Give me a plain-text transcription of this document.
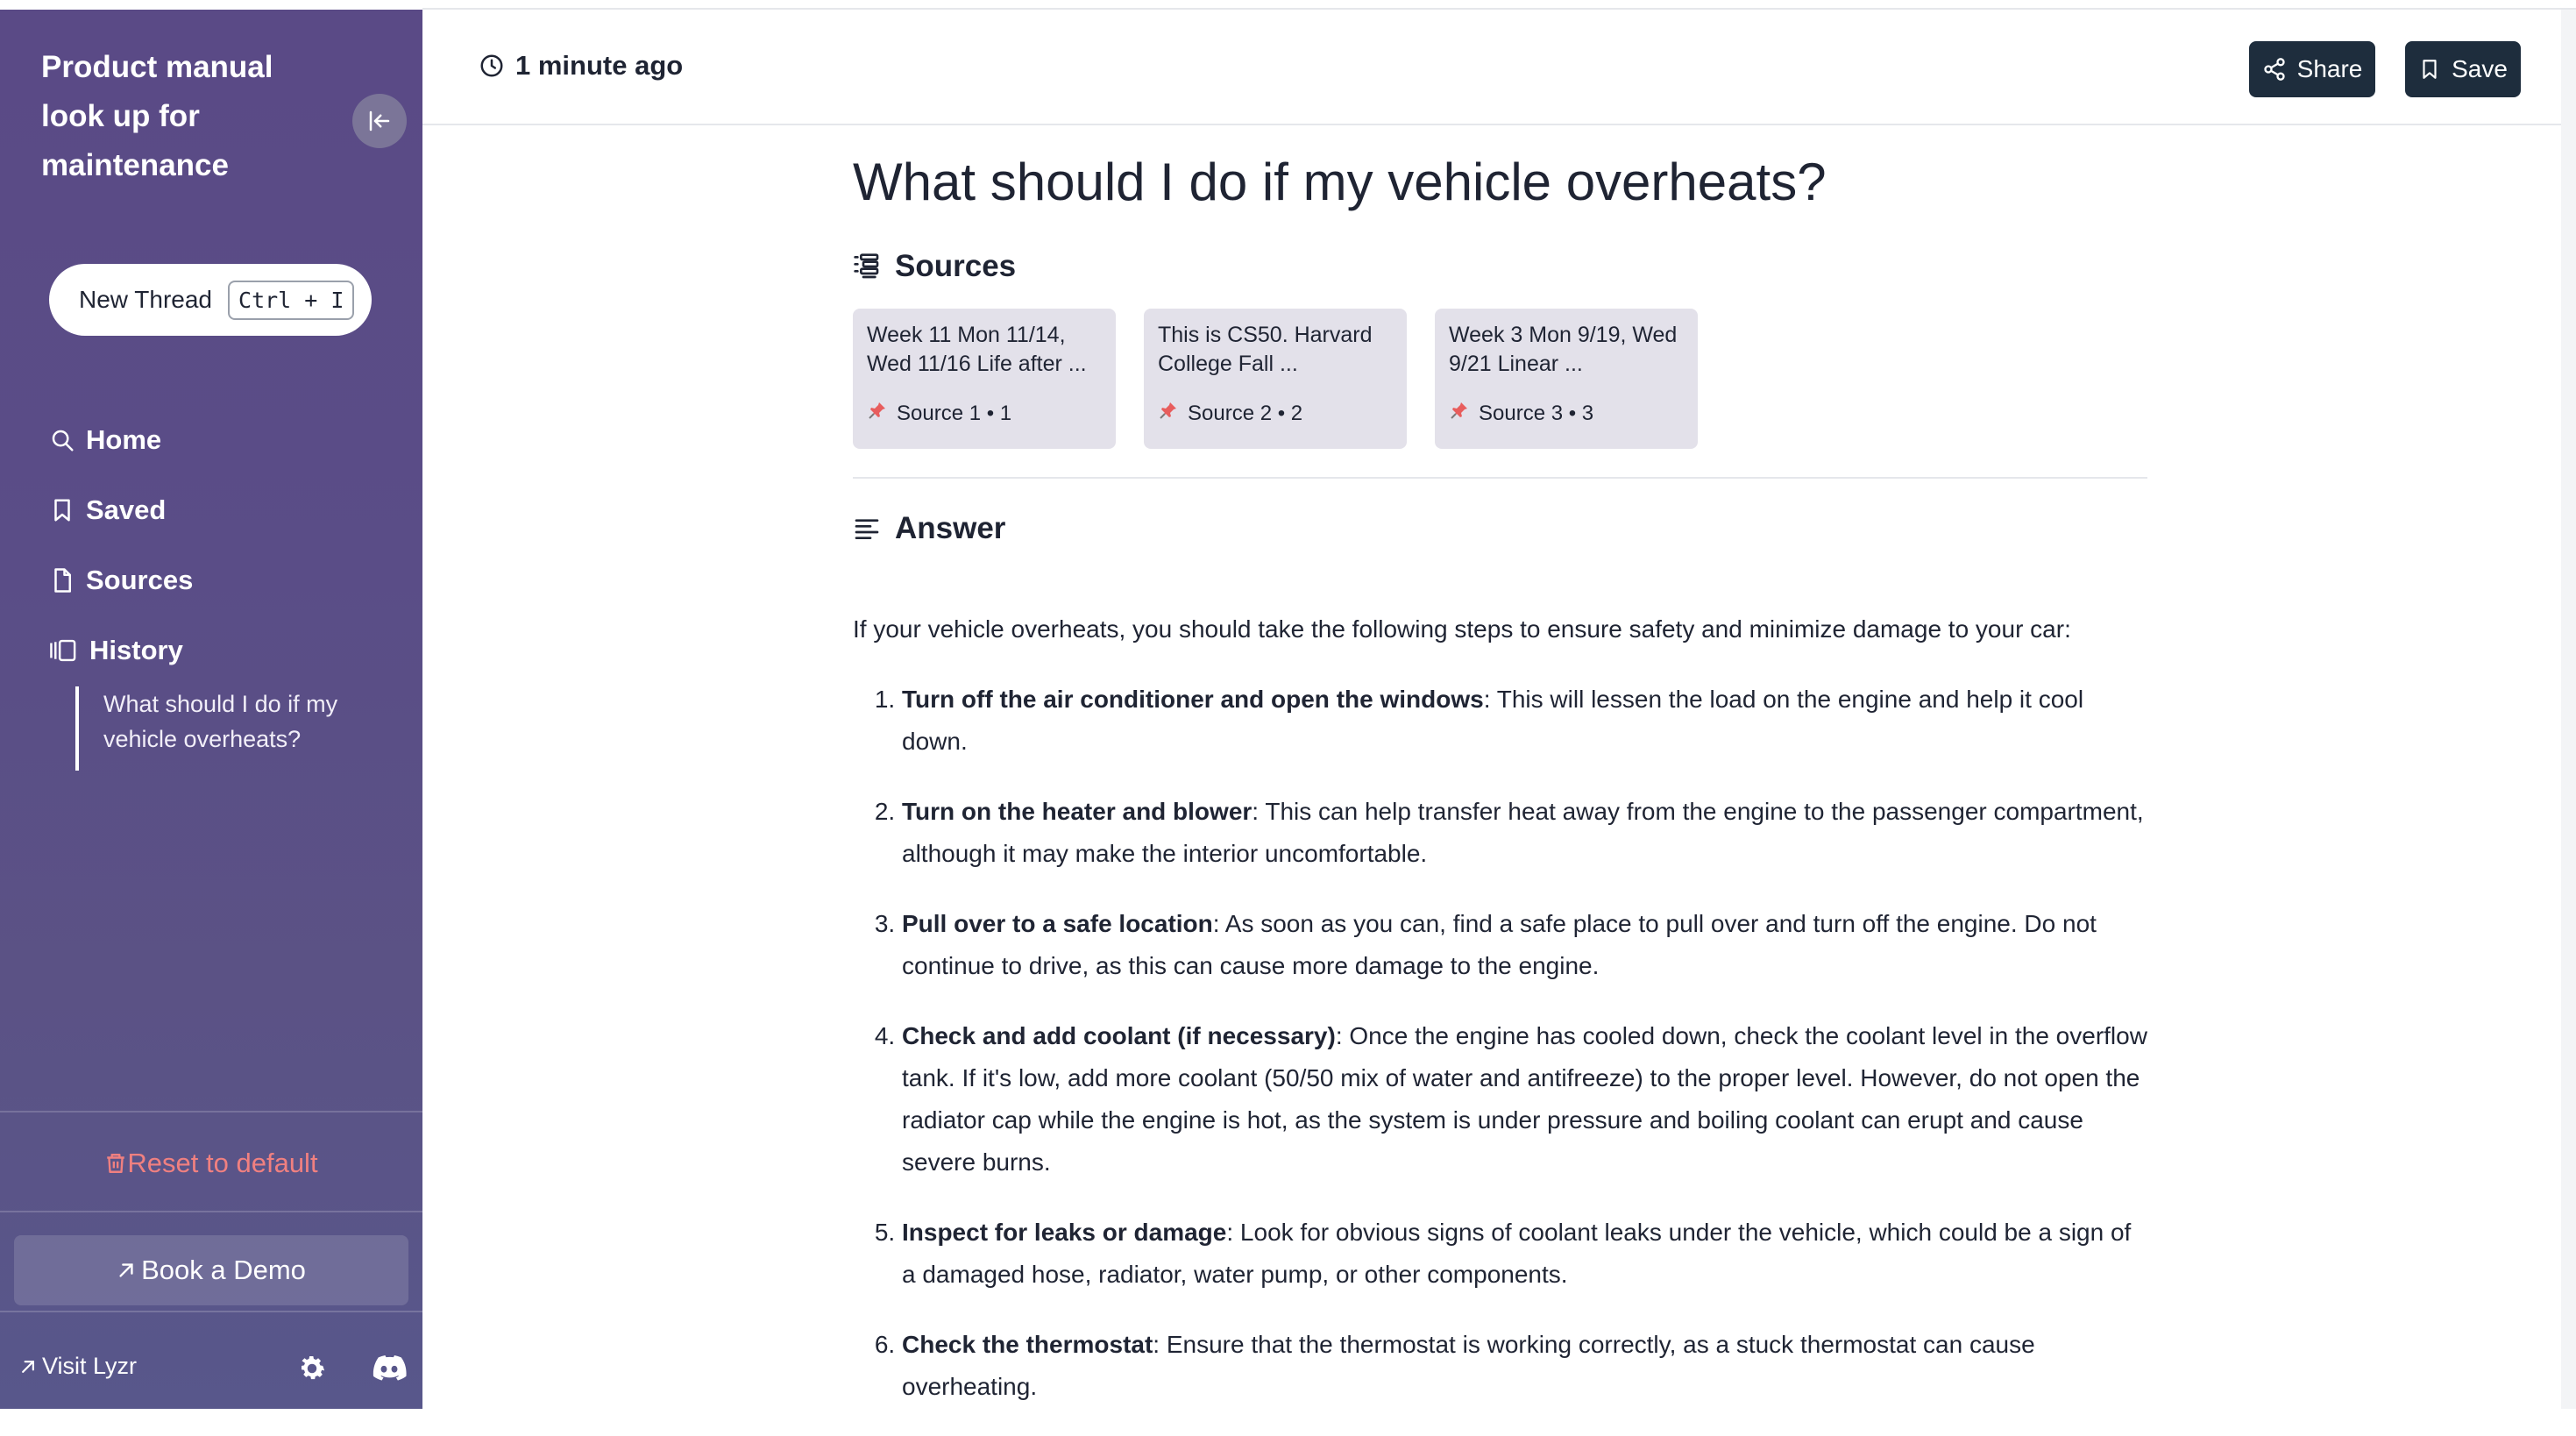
Product manual
look up for
maintenance
New Thread	Ctrl + I
Home
Saved
Sources
History
What should I do if my vehicle overheats?
Reset to default
Book a Demo
Visit Lyzr
1 minute ago	Share	Save
What should I do if my vehicle overheats?
Sources
Week 11 Mon 11/14, Wed 11/16 Life after ...
Source 1 • 1
This is CS50. Harvard College Fall ...
Source 2 • 2
Week 3 Mon 9/19, Wed 9/21 Linear ...
Source 3 • 3
Answer
If your vehicle overheats, you should take the following steps to ensure safety and minimize damage to your car:
1. Turn off the air conditioner and open the windows: This will lessen the load on the engine and help it cool down.
2. Turn on the heater and blower: This can help transfer heat away from the engine to the passenger compartment, although it may make the interior uncomfortable.
3. Pull over to a safe location: As soon as you can, find a safe place to pull over and turn off the engine. Do not continue to drive, as this can cause more damage to the engine.
4. Check and add coolant (if necessary): Once the engine has cooled down, check the coolant level in the overflow tank. If it's low, add more coolant (50/50 mix of water and antifreeze) to the proper level. However, do not open the radiator cap while the engine is hot, as the system is under pressure and boiling coolant can erupt and cause severe burns.
5. Inspect for leaks or damage: Look for obvious signs of coolant leaks under the vehicle, which could be a sign of a damaged hose, radiator, water pump, or other components.
6. Check the thermostat: Ensure that the thermostat is working correctly, as a stuck thermostat can cause overheating.
